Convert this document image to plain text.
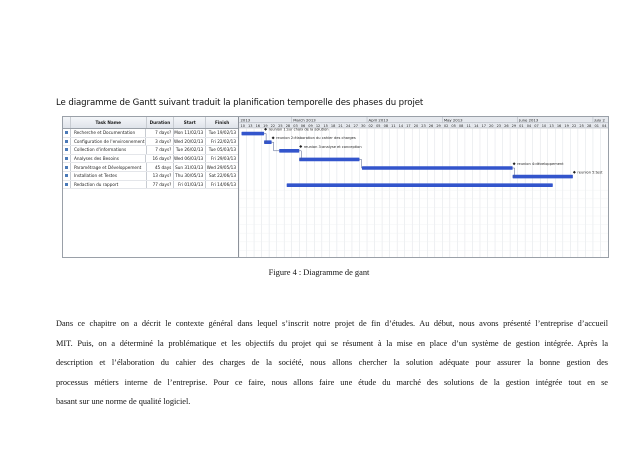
Le diagramme de Gantt suivant traduit la planification temporelle des phases du projet
Task Name	Duration	Start	Finish
Recherche et Documentation	7 days? Mon 11/02/13	Tue 19/02/13
Configuration de l'environnement	3 days? Wed 20/02/13	Fri 22/02/13
Collection d'informations	7 days?	Tue 26/02/13	Tue 05/03/13
Analyses des Besoins	16 days? Wed 06/03/13	Fri 29/03/13
Paramétrage et Développement	45 days Sun 31/03/13 Wed 29/05/13
Installation et Testes	13 days? Thu 30/05/13	Sat 22/06/13
Redaction du rapport	77 days?	Fri 01/03/13	Fri 14/06/13
2013	March 2013	April 2013	May 2013	June 2013	July 2
10 13 16 19 22 25 28 03 06 09 12 15 18 21 24 27 30 02 05 08 11 14 17 20 23 26 29 02 05 08 11 14 17 20 23 26 29 01 04 07 10 13 16 19 22 25 28 01 04
reunion 1:sur choix de la solution
reunion 2:élaboration du cahier des charges
reunion 3:analyse et conception
reunion 4:développement
reunion 5:test
Figure 4 : Diagramme de gant
Dans ce chapitre on a décrit le contexte général dans lequel s’inscrit notre projet de fin d’études. Au début, nous avons présenté l’entreprise d’accueil
MIT. Puis, on a déterminé la problématique et les objectifs du projet qui se résument à la mise en place d’un système de gestion intégrée. Après la
description et l’élaboration du cahier des charges de la société, nous allons chercher la solution adéquate pour assurer la bonne gestion des
processus métiers interne de l’entreprise. Pour ce faire, nous allons faire une étude du marché des solutions de la gestion intégrée tout en se
basant sur une norme de qualité logiciel.
